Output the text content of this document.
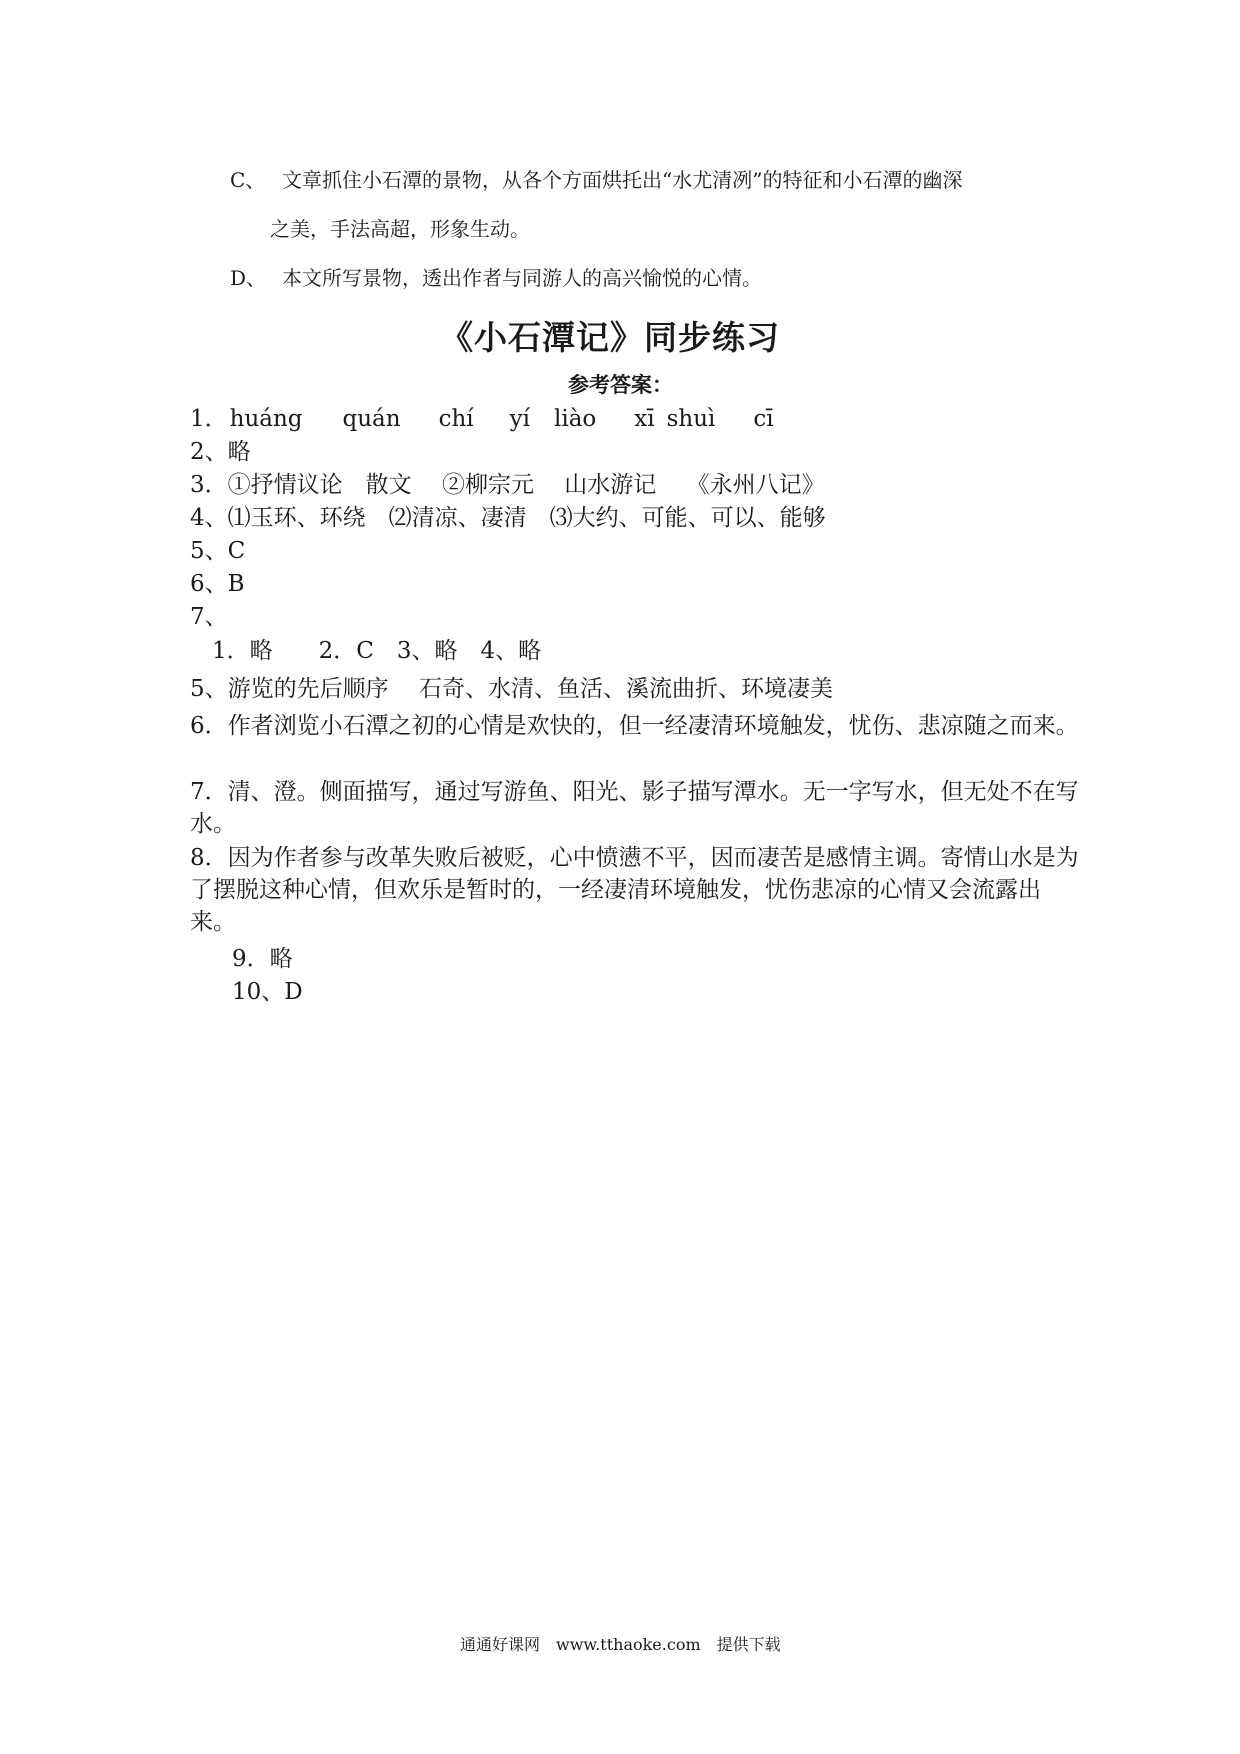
C、 文章抓住小石潭的景物，从各个方面烘托出“水尤清冽”的特征和小石潭的幽深
之美，手法高超，形象生动。
D、 本文所写景物，透出作者与同游人的高兴愉悦的心情。
《小石潭记》同步练习
参考答案：
1．huáng quán chí yí liào xī shuì cī
2、略
3．①抒情议论　散文　 ②柳宗元　 山水游记　 《永州八记》
4、⑴玉环、环绕　⑵清凉、凄清　⑶大约、可能、可以、能够
5、C
6、B
7、
1．略　　2．C　3、略　4、略
5、游览的先后顺序　 石奇、水清、鱼活、溪流曲折、环境凄美
6．作者浏览小石潭之初的心情是欢快的，但一经凄清环境触发，忧伤、悲凉随之而来。
7．清、澄。侧面描写，通过写游鱼、阳光、影子描写潭水。无一字写水，但无处不在写水。
8．因为作者参与改革失败后被贬，心中愤懑不平，因而凄苦是感情主调。寄情山水是为了摆脱这种心情，但欢乐是暂时的，一经凄清环境触发，忧伤悲凉的心情又会流露出来。
9．略
10、D
通通好课网　www.tthaoke.com　提供下载
